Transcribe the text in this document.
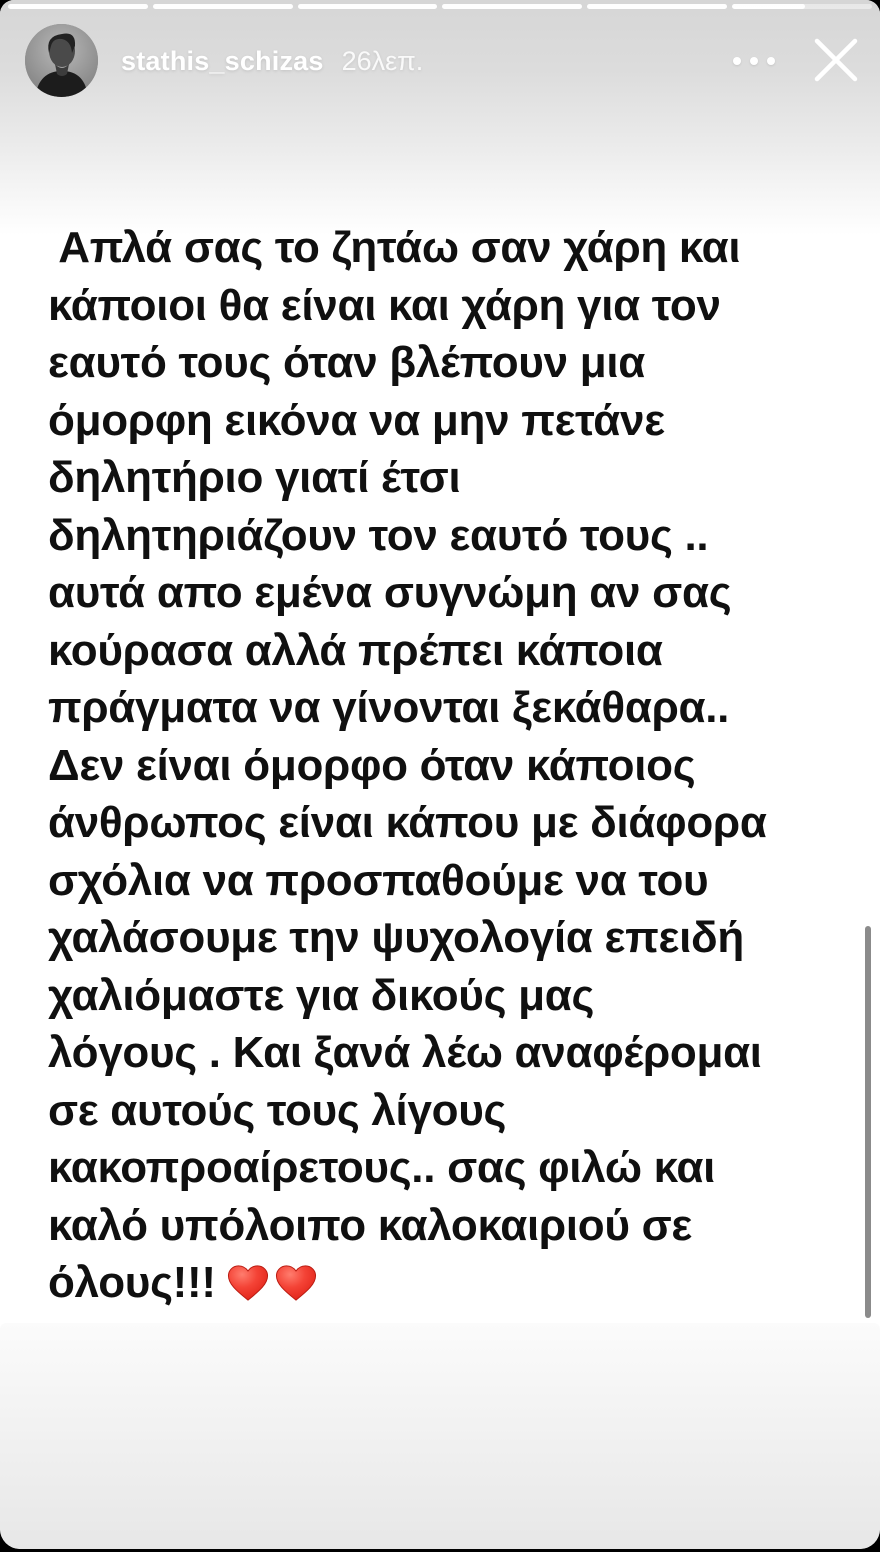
stathis_schizas 26λεπ.
Απλά σας το ζητάω σαν χάρη και
κάποιοι θα είναι και χάρη για τον
εαυτό τους όταν βλέπουν μια
όμορφη εικόνα να μην πετάνε
δηλητήριο γιατί έτσι
δηλητηριάζουν τον εαυτό τους ..
αυτά απο εμένα συγνώμη αν σας
κούρασα αλλά πρέπει κάποια
πράγματα να γίνονται ξεκάθαρα..
Δεν είναι όμορφο όταν κάποιος
άνθρωπος είναι κάπου με διάφορα
σχόλια να προσπαθούμε να του
χαλάσουμε την ψυχολογία επειδή
χαλιόμαστε για δικούς μας
λόγους . Και ξανά λέω αναφέρομαι
σε αυτούς τους λίγους
κακοπροαίρετους.. σας φιλώ και
καλό υπόλοιπο καλοκαιριού σε
όλους!!!
